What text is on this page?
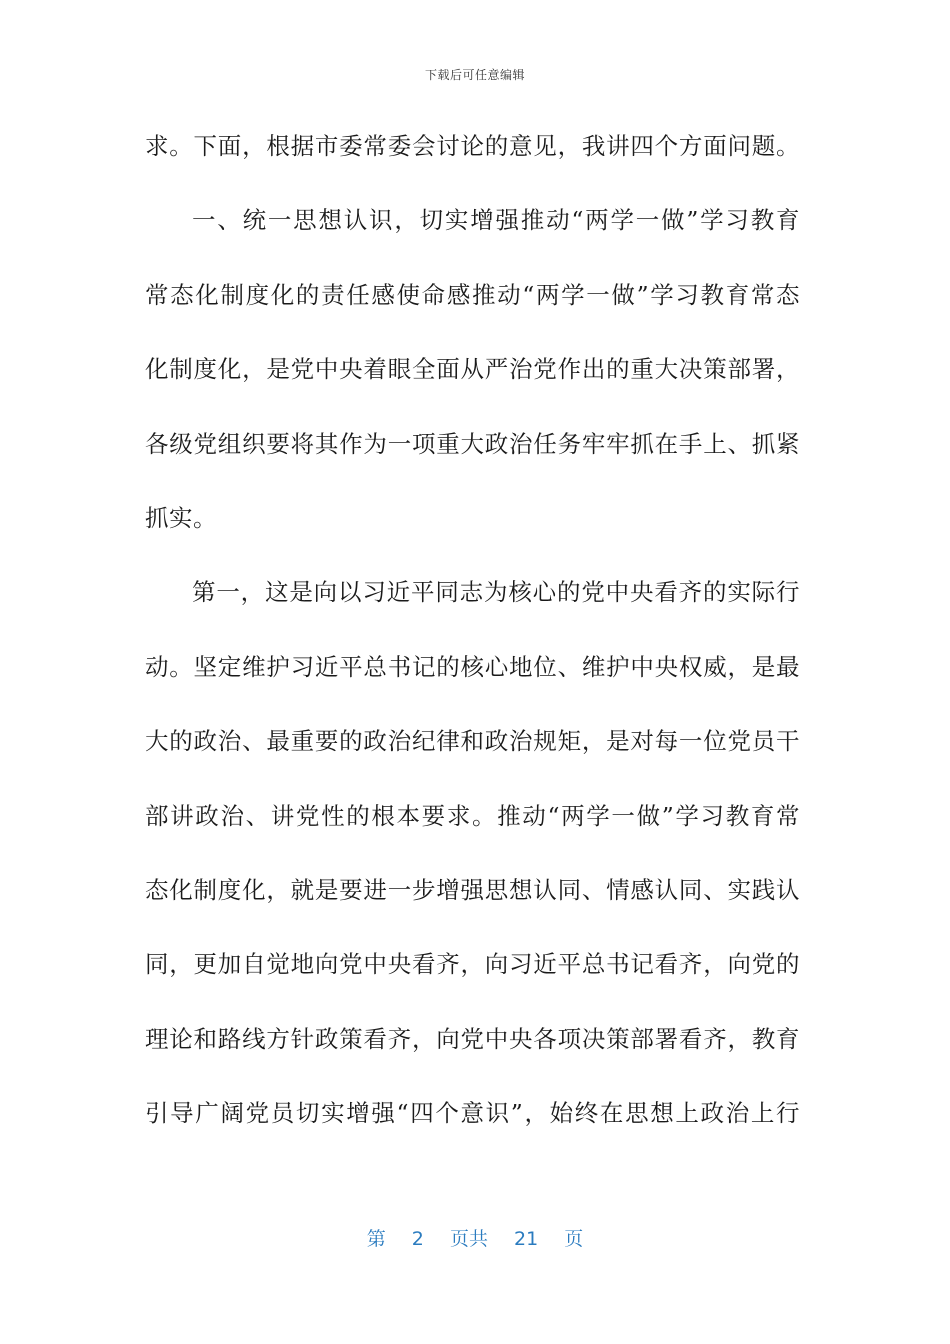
下载后可任意编辑
求。下面，根据市委常委会讨论的意见，我讲四个方面问题。
一、统一思想认识，切实增强推动“两学一做”学习教育
常态化制度化的责任感使命感推动“两学一做”学习教育常态
化制度化，是党中央着眼全面从严治党作出的重大决策部署，
各级党组织要将其作为一项重大政治任务牢牢抓在手上、抓紧
抓实。
第一，这是向以习近平同志为核心的党中央看齐的实际行
动。坚定维护习近平总书记的核心地位、维护中央权威，是最
大的政治、最重要的政治纪律和政治规矩，是对每一位党员干
部讲政治、讲党性的根本要求。推动“两学一做”学习教育常
态化制度化，就是要进一步增强思想认同、情感认同、实践认
同，更加自觉地向党中央看齐，向习近平总书记看齐，向党的
理论和路线方针政策看齐，向党中央各项决策部署看齐，教育
引导广阔党员切实增强“四个意识”，始终在思想上政治上行
第 2 页共 21 页
